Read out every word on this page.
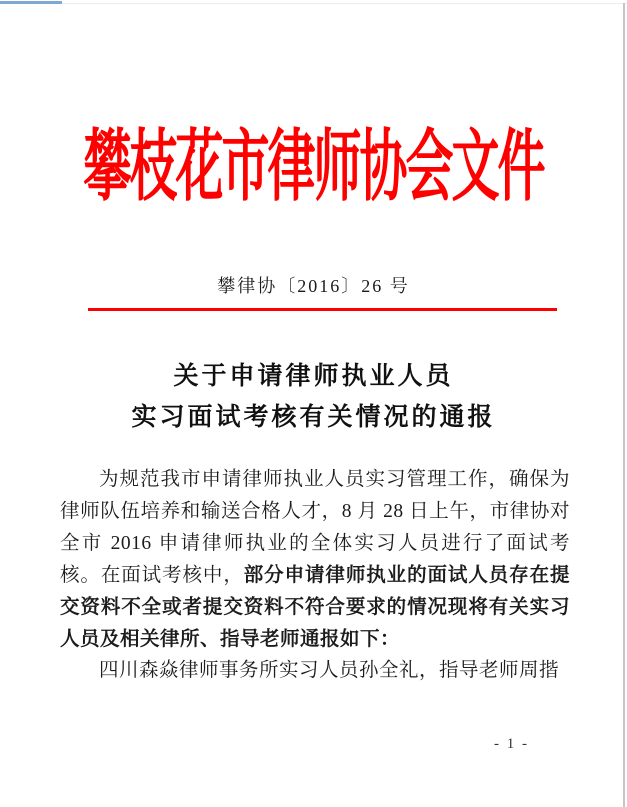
攀枝花市律师协会文件
攀律协〔2016〕26 号
关于申请律师执业人员
实习面试考核有关情况的通报

为规范我市申请律师执业人员实习管理工作，确保为律师队伍培养和输送合格人才，8 月 28 日上午，市律协对全市 2016 申请律师执业的全体实习人员进行了面试考核。在面试考核中，部分申请律师执业的面试人员存在提交资料不全或者提交资料不符合要求的情况现将有关实习人员及相关律所、指导老师通报如下：

四川森焱律师事务所实习人员孙全礼，指导老师周揩

- 1 -
